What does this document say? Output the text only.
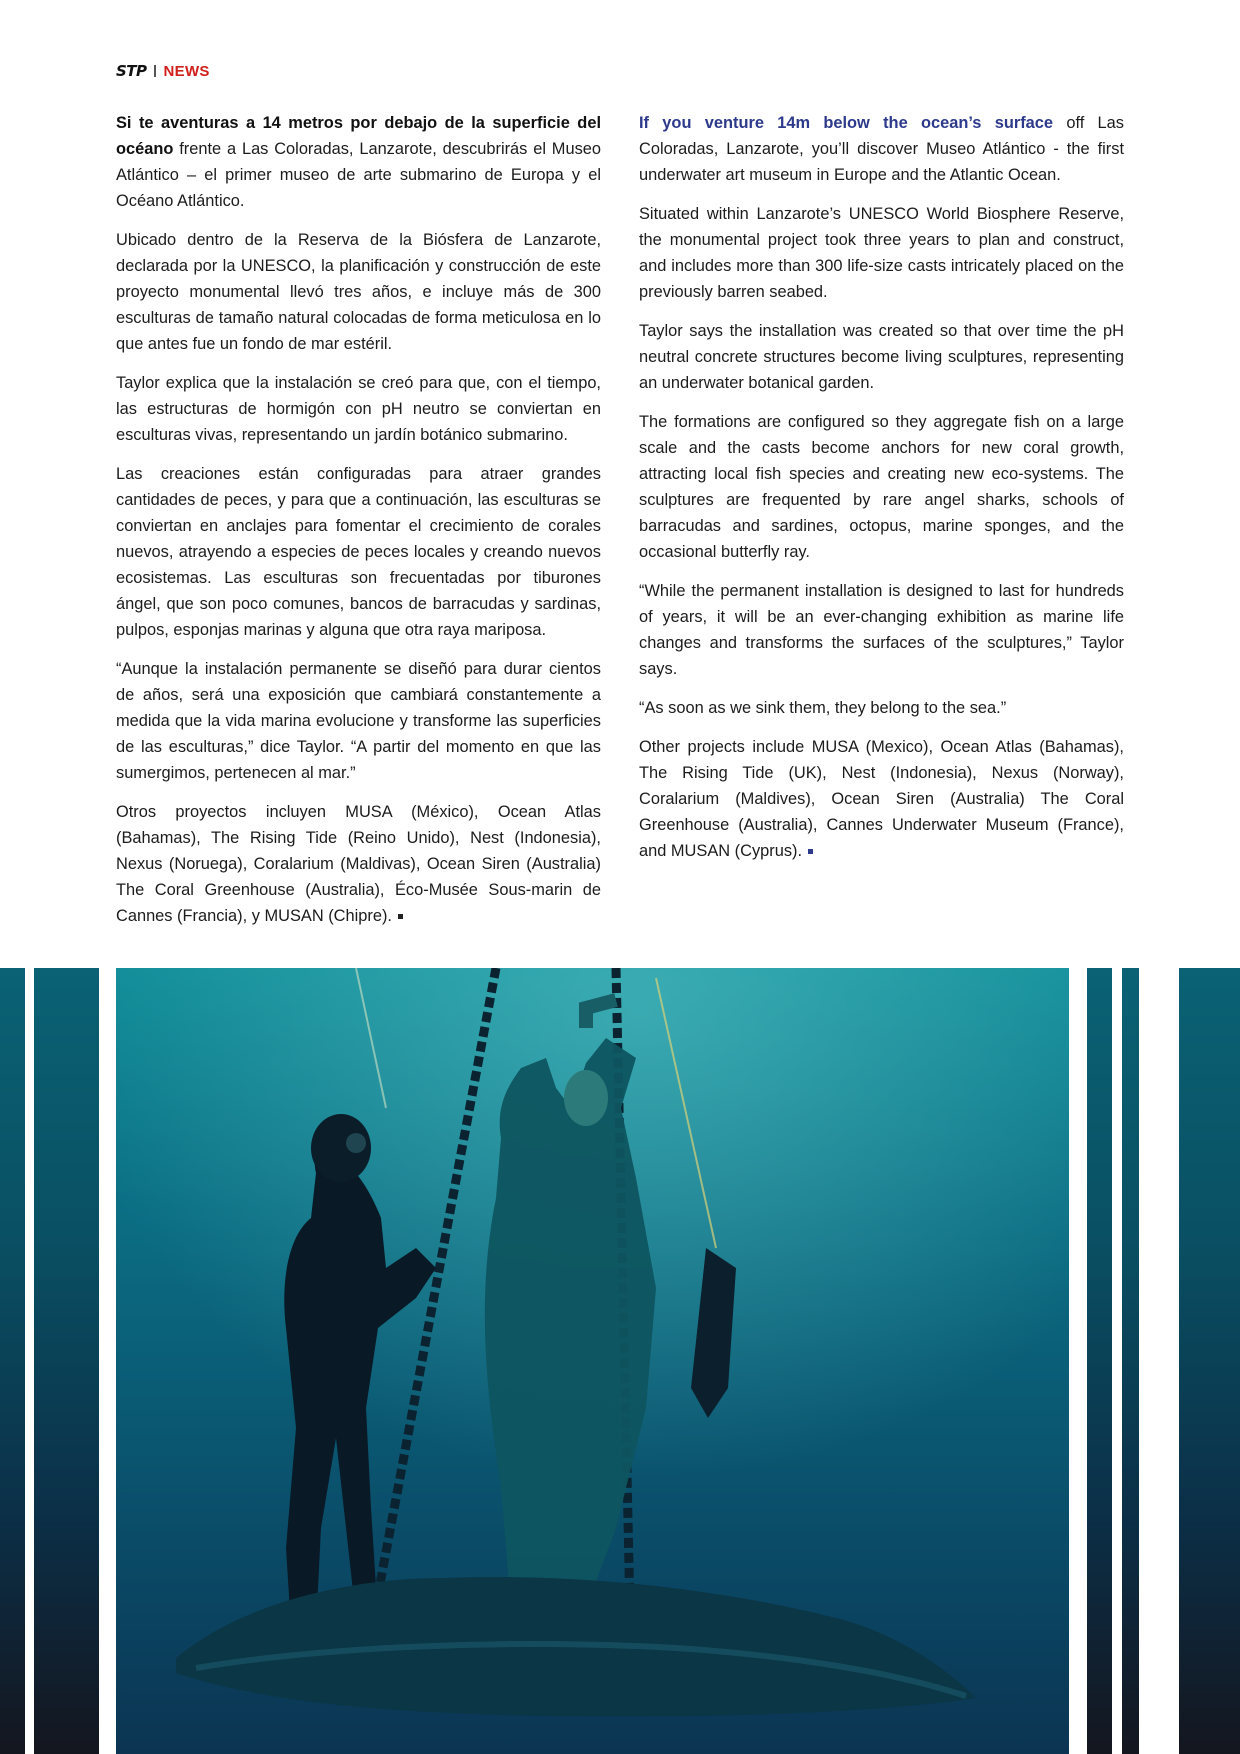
STP NEWS

Si te aventuras a 14 metros por debajo de la superficie del océano frente a Las Coloradas, Lanzarote, descubrirás el Museo Atlántico – el primer museo de arte submarino de Europa y el Océano Atlántico.

Ubicado dentro de la Reserva de la Biósfera de Lanzarote, declarada por la UNESCO, la planificación y construcción de este proyecto monumental llevó tres años, e incluye más de 300 esculturas de tamaño natural colocadas de forma meticulosa en lo que antes fue un fondo de mar estéril.

Taylor explica que la instalación se creó para que, con el tiempo, las estructuras de hormigón con pH neutro se conviertan en esculturas vivas, representando un jardín botánico submarino.

Las creaciones están configuradas para atraer grandes cantidades de peces, y para que a continuación, las esculturas se conviertan en anclajes para fomentar el crecimiento de corales nuevos, atrayendo a especies de peces locales y creando nuevos ecosistemas. Las esculturas son frecuentadas por tiburones ángel, que son poco comunes, bancos de barracudas y sardinas, pulpos, esponjas marinas y alguna que otra raya mariposa.

“Aunque la instalación permanente se diseñó para durar cientos de años, será una exposición que cambiará constantemente a medida que la vida marina evolucione y transforme las superficies de las esculturas,” dice Taylor. “A partir del momento en que las sumergimos, pertenecen al mar.”

Otros proyectos incluyen MUSA (México), Ocean Atlas (Bahamas), The Rising Tide (Reino Unido), Nest (Indonesia), Nexus (Noruega), Coralarium (Maldivas), Ocean Siren (Australia) The Coral Greenhouse (Australia), Éco-Musée Sous-marin de Cannes (Francia), y MUSAN (Chipre).

If you venture 14m below the ocean’s surface off Las Coloradas, Lanzarote, you’ll discover Museo Atlántico - the first underwater art museum in Europe and the Atlantic Ocean.

Situated within Lanzarote’s UNESCO World Biosphere Reserve, the monumental project took three years to plan and construct, and includes more than 300 life-size casts intricately placed on the previously barren seabed.

Taylor says the installation was created so that over time the pH neutral concrete structures become living sculptures, representing an underwater botanical garden.

The formations are configured so they aggregate fish on a large scale and the casts become anchors for new coral growth, attracting local fish species and creating new eco-systems. The sculptures are frequented by rare angel sharks, schools of barracudas and sardines, octopus, marine sponges, and the occasional butterfly ray.

“While the permanent installation is designed to last for hundreds of years, it will be an ever-changing exhibition as marine life changes and transforms the surfaces of the sculptures,” Taylor says.

“As soon as we sink them, they belong to the sea.”

Other projects include MUSA (Mexico), Ocean Atlas (Bahamas), The Rising Tide (UK), Nest (Indonesia), Nexus (Norway), Coralarium (Maldives), Ocean Siren (Australia) The Coral Greenhouse (Australia), Cannes Underwater Museum (France), and MUSAN (Cyprus).
